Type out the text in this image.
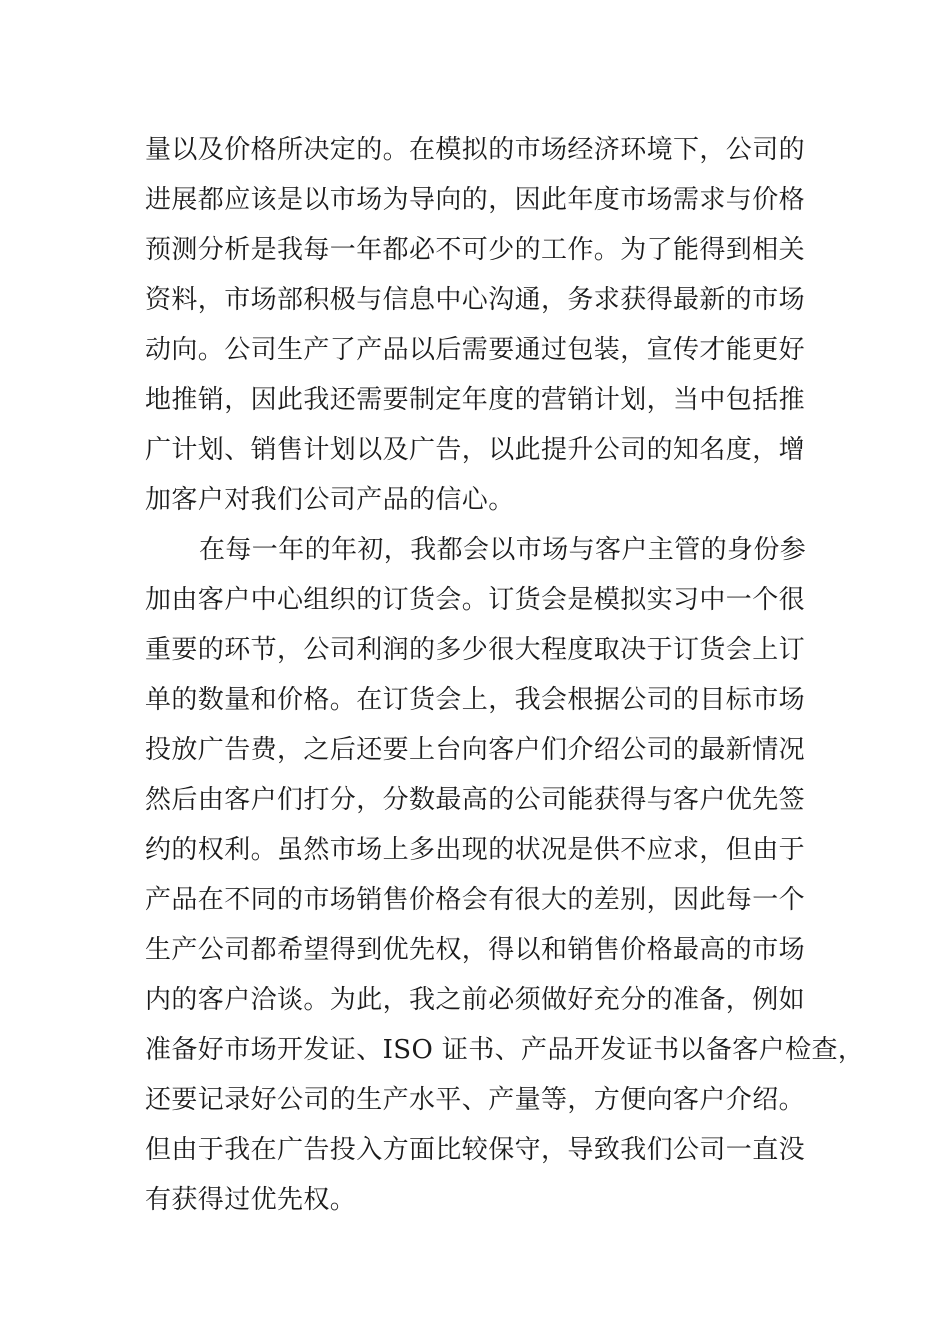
量以及价格所决定的。在模拟的市场经济环境下，公司的
进展都应该是以市场为导向的，因此年度市场需求与价格
预测分析是我每一年都必不可少的工作。为了能得到相关
资料，市场部积极与信息中心沟通，务求获得最新的市场
动向。公司生产了产品以后需要通过包装，宣传才能更好
地推销，因此我还需要制定年度的营销计划，当中包括推
广计划、销售计划以及广告，以此提升公司的知名度，增
加客户对我们公司产品的信心。
在每一年的年初，我都会以市场与客户主管的身份参
加由客户中心组织的订货会。订货会是模拟实习中一个很
重要的环节，公司利润的多少很大程度取决于订货会上订
单的数量和价格。在订货会上，我会根据公司的目标市场
投放广告费，之后还要上台向客户们介绍公司的最新情况
然后由客户们打分，分数最高的公司能获得与客户优先签
约的权利。虽然市场上多出现的状况是供不应求，但由于
产品在不同的市场销售价格会有很大的差别，因此每一个
生产公司都希望得到优先权，得以和销售价格最高的市场
内的客户洽谈。为此，我之前必须做好充分的准备，例如
准备好市场开发证、ISO 证书、产品开发证书以备客户检查，
还要记录好公司的生产水平、产量等，方便向客户介绍。
但由于我在广告投入方面比较保守，导致我们公司一直没
有获得过优先权。
